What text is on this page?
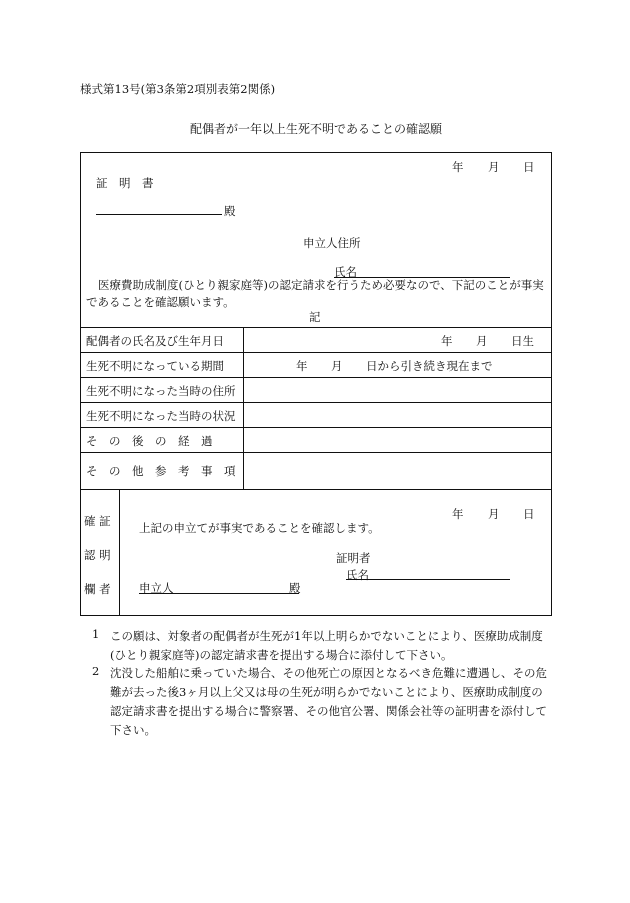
様式第13号(第3条第2項別表第2関係)
配偶者が一年以上生死不明であることの確認願
年 月 日
証　明　書
殿
申立人住所
氏名
医療費助成制度(ひとり親家庭等)の認定請求を行うため必要なので、下記のことが事実であることを確認願います。
記
配偶者の氏名及び生年月日	年 月 日生
生死不明になっている期間	年 月 日から引き続き現在まで
生死不明になった当時の住所
生死不明になった当時の状況
そ　の　後　の　経　過
そ　の　他　参　考　事　項
確 証
認 明
欄 者
年 月 日
上記の申立てが事実であることを確認します。
証明者
氏名
申立人	殿
1 この願は、対象者の配偶者が生死が1年以上明らかでないことにより、医療助成制度(ひとり親家庭等)の認定請求書を提出する場合に添付して下さい。
2 沈没した船舶に乗っていた場合、その他死亡の原因となるべき危難に遭遇し、その危難が去った後3ヶ月以上父又は母の生死が明らかでないことにより、医療助成制度の認定請求書を提出する場合に警察署、その他官公署、関係会社等の証明書を添付して下さい。
